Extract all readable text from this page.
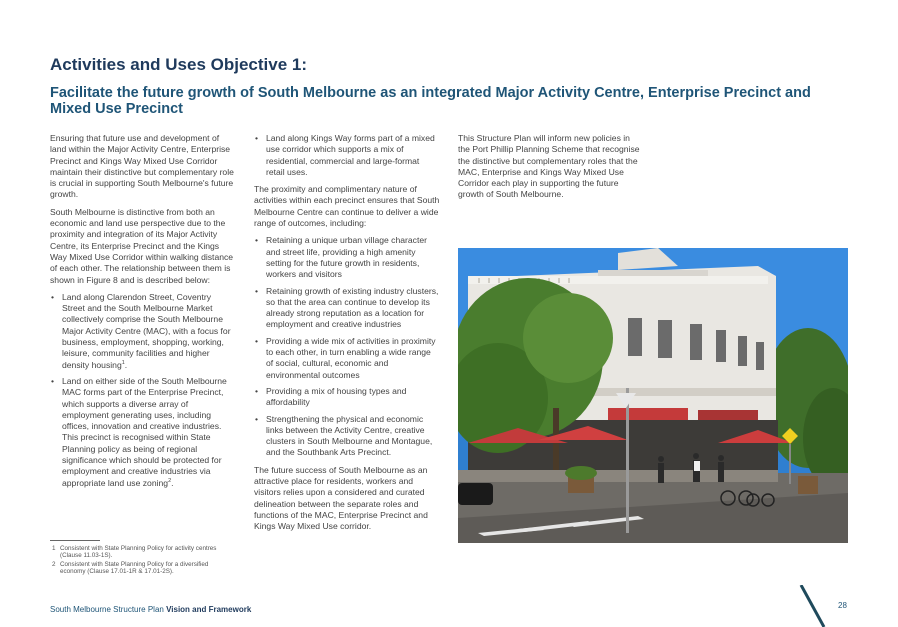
Activities and Uses Objective 1:
Facilitate the future growth of South Melbourne as an integrated Major Activity Centre, Enterprise Precinct and Mixed Use Precinct

Ensuring that future use and development of land within the Major Activity Centre, Enterprise Precinct and Kings Way Mixed Use Corridor maintain their distinctive but complementary role is crucial in supporting South Melbourne's future growth.

South Melbourne is distinctive from both an economic and land use perspective due to the proximity and integration of its Major Activity Centre, its Enterprise Precinct and the Kings Way Mixed Use Corridor within walking distance of each other. The relationship between them is shown in Figure 8 and is described below:

• Land along Clarendon Street, Coventry Street and the South Melbourne Market collectively comprise the South Melbourne Major Activity Centre (MAC), with a focus for business, employment, shopping, working, leisure, community facilities and higher density housing$^1$.
• Land on either side of the South Melbourne MAC forms part of the Enterprise Precinct, which supports a diverse array of employment generating uses, including offices, innovation and creative industries. This precinct is recognised within State Planning policy as being of regional significance which should be protected for employment and creative industries via appropriate land use zoning$^2$.
• Land along Kings Way forms part of a mixed use corridor which supports a mix of residential, commercial and large-format retail uses.

The proximity and complimentary nature of activities within each precinct ensures that South Melbourne Centre can continue to deliver a wide range of outcomes, including:

• Retaining a unique urban village character and street life, providing a high amenity setting for the future growth in residents, workers and visitors
• Retaining growth of existing industry clusters, so that the area can continue to develop its already strong reputation as a location for employment and creative industries
• Providing a wide mix of activities in proximity to each other, in turn enabling a wide range of social, cultural, economic and environmental outcomes
• Providing a mix of housing types and affordability
• Strengthening the physical and economic links between the Activity Centre, creative clusters in South Melbourne and Montague, and the Southbank Arts Precinct.

The future success of South Melbourne as an attractive place for residents, workers and visitors relies upon a considered and curated delineation between the separate roles and functions of the MAC, Enterprise Precinct and Kings Way Mixed Use corridor.

This Structure Plan will inform new policies in the Port Phillip Planning Scheme that recognise the distinctive but complementary roles that the MAC, Enterprise and Kings Way Mixed Use Corridor each play in supporting the future growth of South Melbourne.

1 Consistent with State Planning Policy for activity centres (Clause 11.03-1S).
2 Consistent with State Planning Policy for a diversified economy (Clause 17.01-1R & 17.01-2S).
South Melbourne Structure Plan Vision and Framework	28
